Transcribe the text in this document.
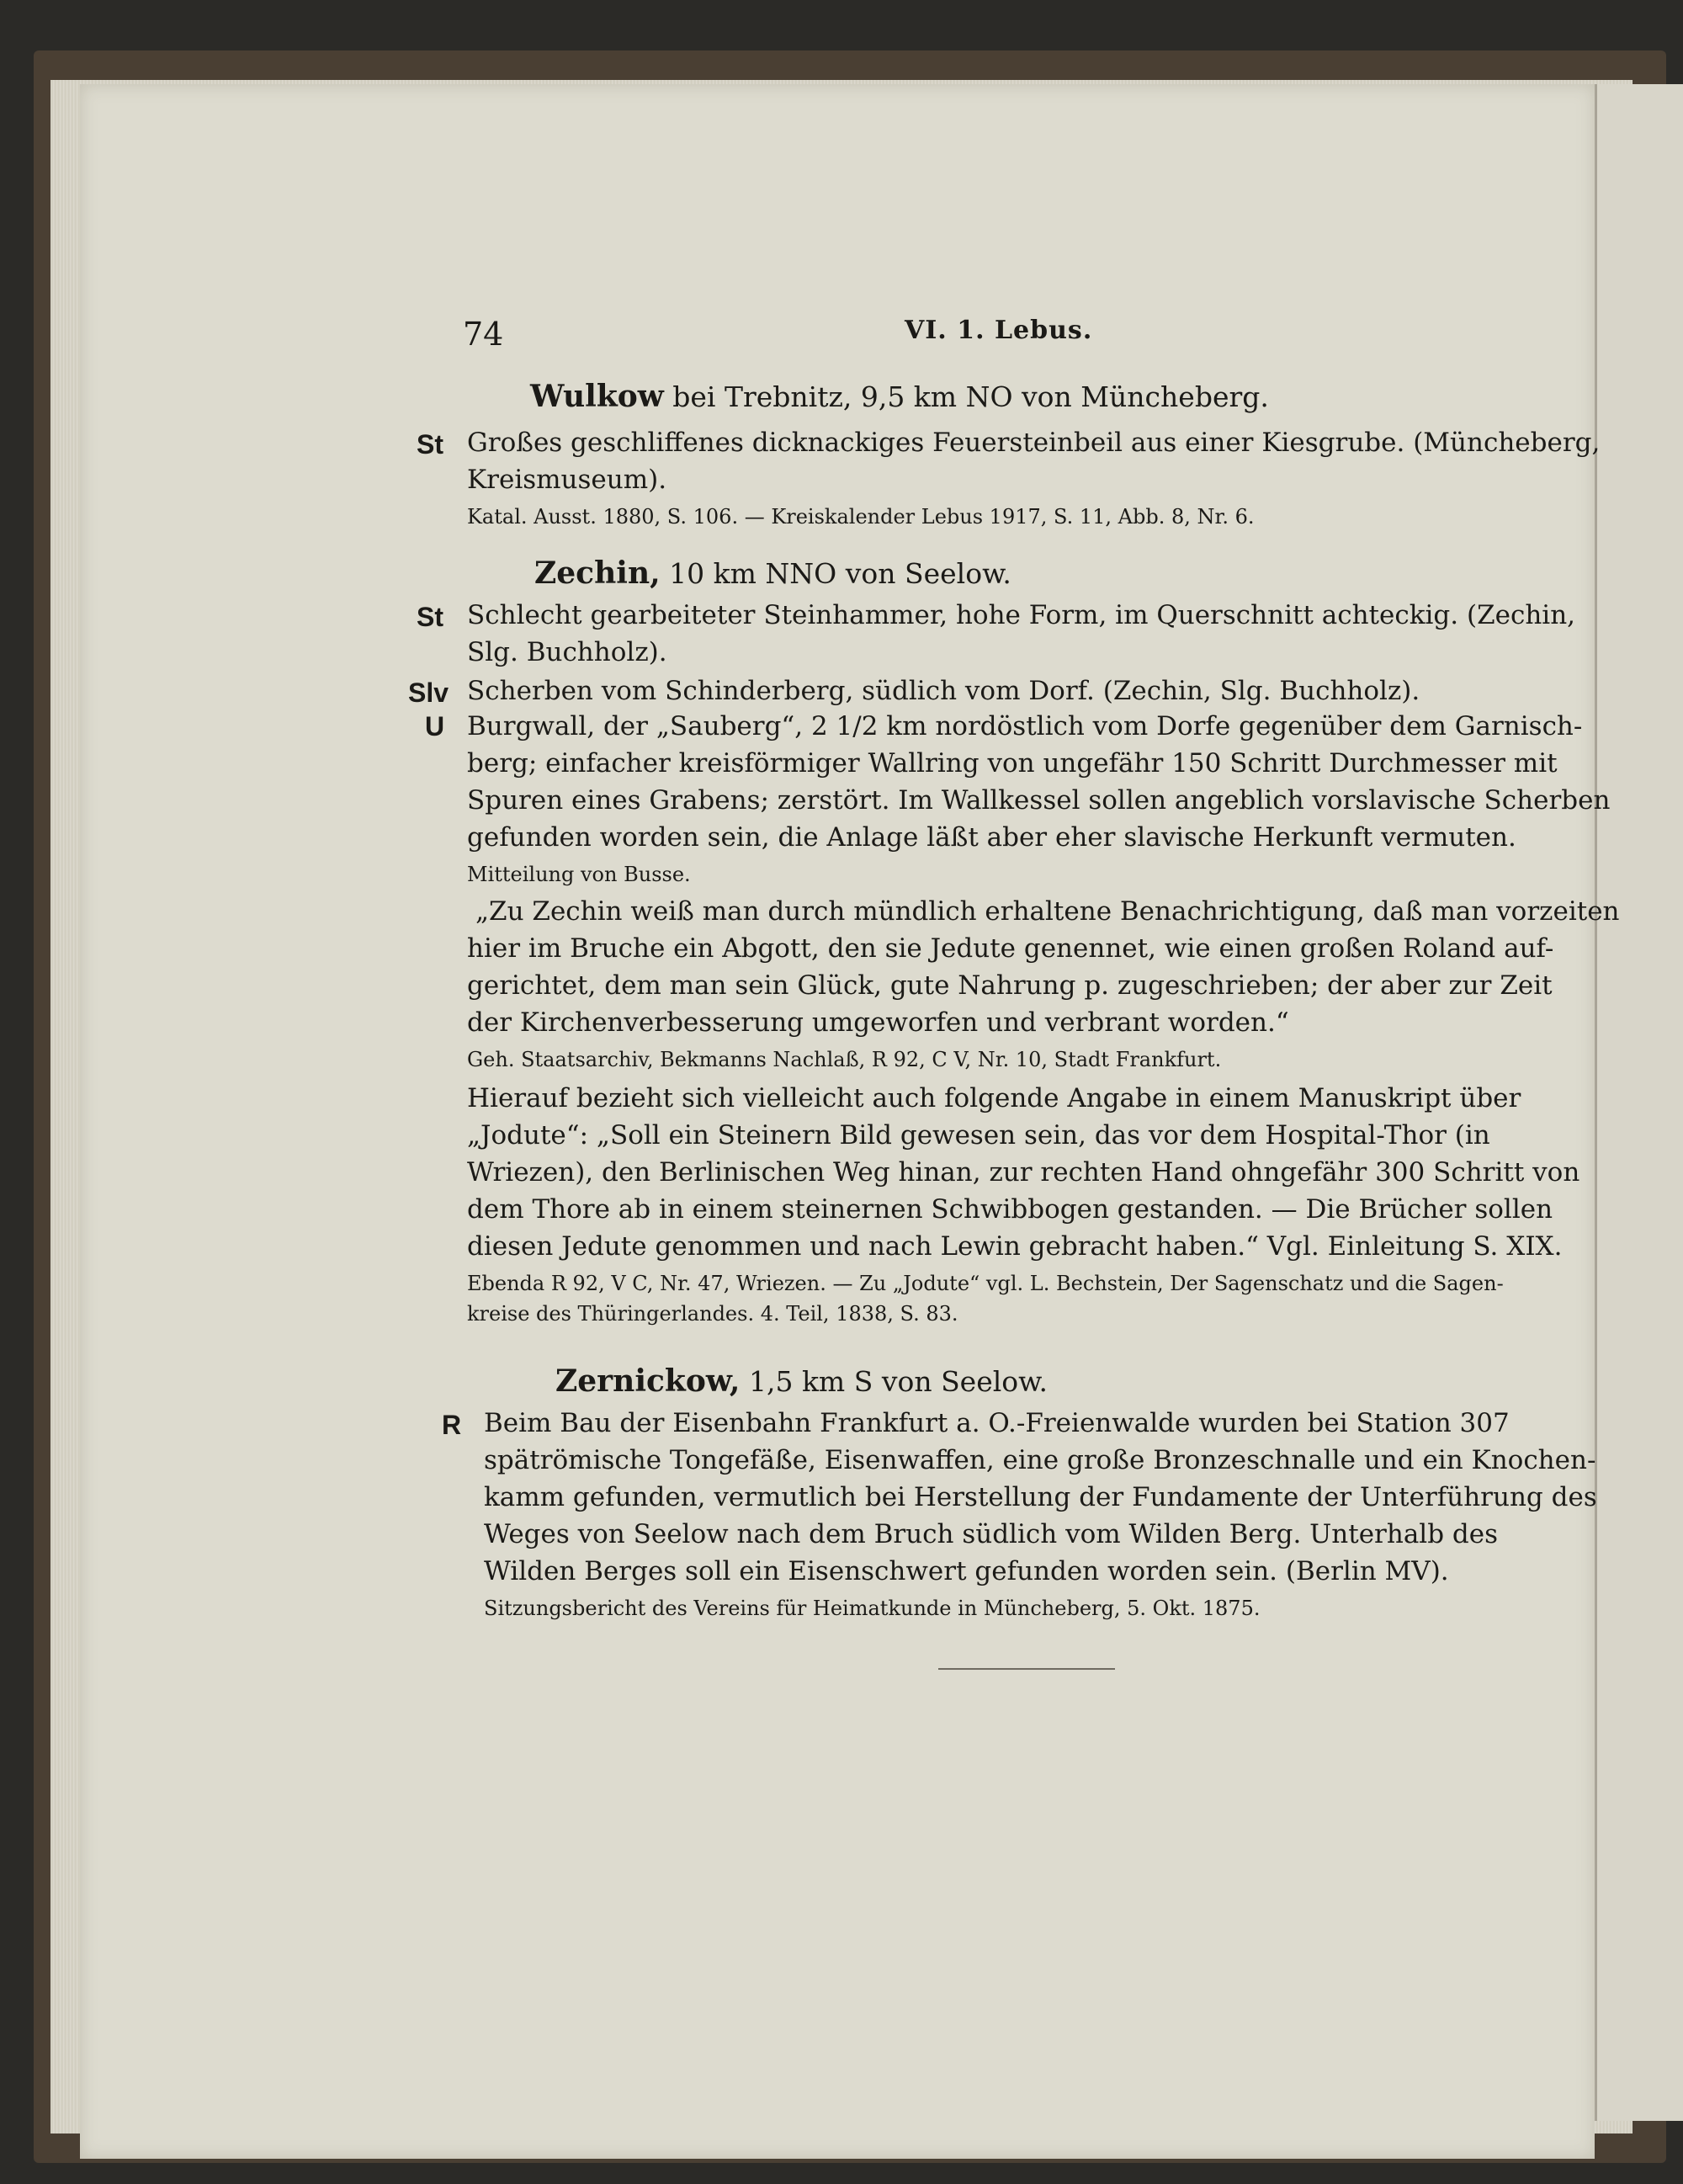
74	VI. 1. Lebus.
Wulkow bei Trebnitz, 9,5 km NO von Müncheberg.
St Großes geschliffenes dicknackiges Feuersteinbeil aus einer Kiesgrube. (Müncheberg,
Kreismuseum).
Katal. Ausst. 1880, S. 106. — Kreiskalender Lebus 1917, S. 11, Abb. 8, Nr. 6.
Zechin, 10 km NNO von Seelow.
St Schlecht gearbeiteter Steinhammer, hohe Form, im Querschnitt achteckig. (Zechin,
Slg. Buchholz).
Slv Scherben vom Schinderberg, südlich vom Dorf. (Zechin, Slg. Buchholz).
U Burgwall, der „Sauberg“, 2 1/2 km nordöstlich vom Dorfe gegenüber dem Garnisch-
berg; einfacher kreisförmiger Wallring von ungefähr 150 Schritt Durchmesser mit
Spuren eines Grabens; zerstört. Im Wallkessel sollen angeblich vorslavische Scherben
gefunden worden sein, die Anlage läßt aber eher slavische Herkunft vermuten.
Mitteilung von Busse.
„Zu Zechin weiß man durch mündlich erhaltene Benachrichtigung, daß man vorzeiten
hier im Bruche ein Abgott, den sie Jedute genennet, wie einen großen Roland auf-
gerichtet, dem man sein Glück, gute Nahrung p. zugeschrieben; der aber zur Zeit
der Kirchenverbesserung umgeworfen und verbrant worden.“
Geh. Staatsarchiv, Bekmanns Nachlaß, R 92, C V, Nr. 10, Stadt Frankfurt.
Hierauf bezieht sich vielleicht auch folgende Angabe in einem Manuskript über
„Jodute“: „Soll ein Steinern Bild gewesen sein, das vor dem Hospital-Thor (in
Wriezen), den Berlinischen Weg hinan, zur rechten Hand ohngefähr 300 Schritt von
dem Thore ab in einem steinernen Schwibbogen gestanden. — Die Brücher sollen
diesen Jedute genommen und nach Lewin gebracht haben.“ Vgl. Einleitung S. XIX.
Ebenda R 92, V C, Nr. 47, Wriezen. — Zu „Jodute“ vgl. L. Bechstein, Der Sagenschatz und die Sagen-
kreise des Thüringerlandes. 4. Teil, 1838, S. 83.
Zernickow, 1,5 km S von Seelow.
R Beim Bau der Eisenbahn Frankfurt a. O.-Freienwalde wurden bei Station 307
spätrömische Tongefäße, Eisenwaffen, eine große Bronzeschnalle und ein Knochen-
kamm gefunden, vermutlich bei Herstellung der Fundamente der Unterführung des
Weges von Seelow nach dem Bruch südlich vom Wilden Berg. Unterhalb des
Wilden Berges soll ein Eisenschwert gefunden worden sein. (Berlin MV).
Sitzungsbericht des Vereins für Heimatkunde in Müncheberg, 5. Okt. 1875.
